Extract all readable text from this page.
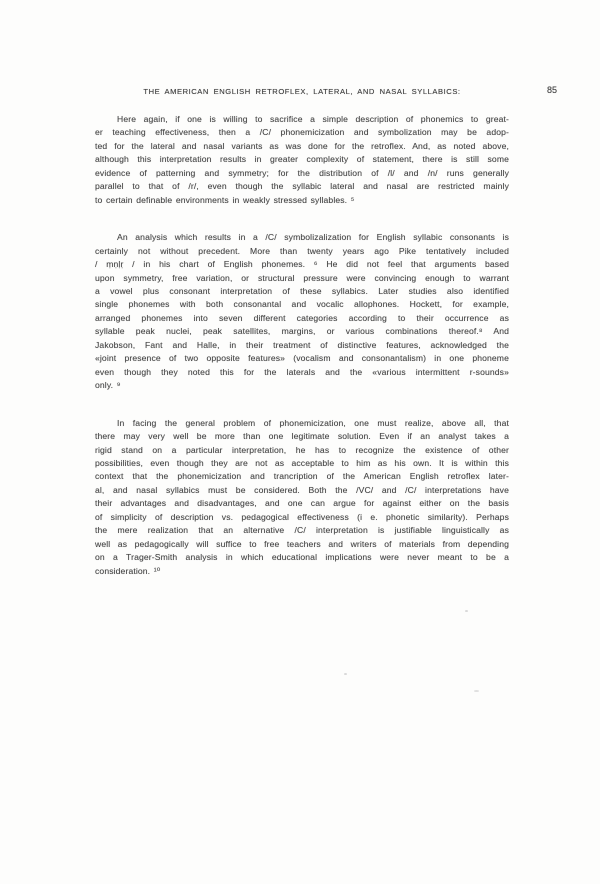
THE AMERICAN ENGLISH RETROFLEX, LATERAL, AND NASAL SYLLABICS:	85
Here again, if one is willing to sacrifice a simple description of phonemics to great-
er teaching effectiveness, then a /C/ phonemicization and symbolization may be adop-
ted for the lateral and nasal variants as was done for the retroflex. And, as noted above,
although this interpretation results in greater complexity of statement, there is still some
evidence of patterning and symmetry; for the distribution of /l/ and /n/ runs generally
parallel to that of /r/, even though the syllabic lateral and nasal are restricted mainly
to certain definable environments in weakly stressed syllables. ⁵
An analysis which results in a /C/ symbolizalization for English syllabic consonants is
certainly not without precedent. More than twenty years ago Pike tentatively included
/ ṃṇḷṛ / in his chart of English phonemes. ⁶ He did not feel that arguments based
upon symmetry, free variation, or structural pressure were convincing enough to warrant
a vowel plus consonant interpretation of these syllabics. Later studies also identified
single phonemes with both consonantal and vocalic allophones. Hockett, for example,
arranged phonemes into seven different categories according to their occurrence as
syllable peak nuclei, peak satellites, margins, or various combinations thereof.⁸ And
Jakobson, Fant and Halle, in their treatment of distinctive features, acknowledged the
«joint presence of two opposite features» (vocalism and consonantalism) in one phoneme
even though they noted this for the laterals and the «various intermittent r-sounds»
only. ⁹
In facing the general problem of phonemicization, one must realize, above all, that
there may very well be more than one legitimate solution. Even if an analyst takes a
rigid stand on a particular interpretation, he has to recognize the existence of other
possibilities, even though they are not as acceptable to him as his own. It is within this
context that the phonemicization and trancription of the American English retroflex later-
al, and nasal syllabics must be considered. Both the /VC/ and /C/ interpretations have
their advantages and disadvantages, and one can argue for against either on the basis
of simplicity of description vs. pedagogical effectiveness (i e. phonetic similarity). Perhaps
the mere realization that an alternative /C/ interpretation is justifiable linguistically as
well as pedagogically will suffice to free teachers and writers of materials from depending
on a Trager-Smith analysis in which educational implications were never meant to be a
consideration. ¹⁰
